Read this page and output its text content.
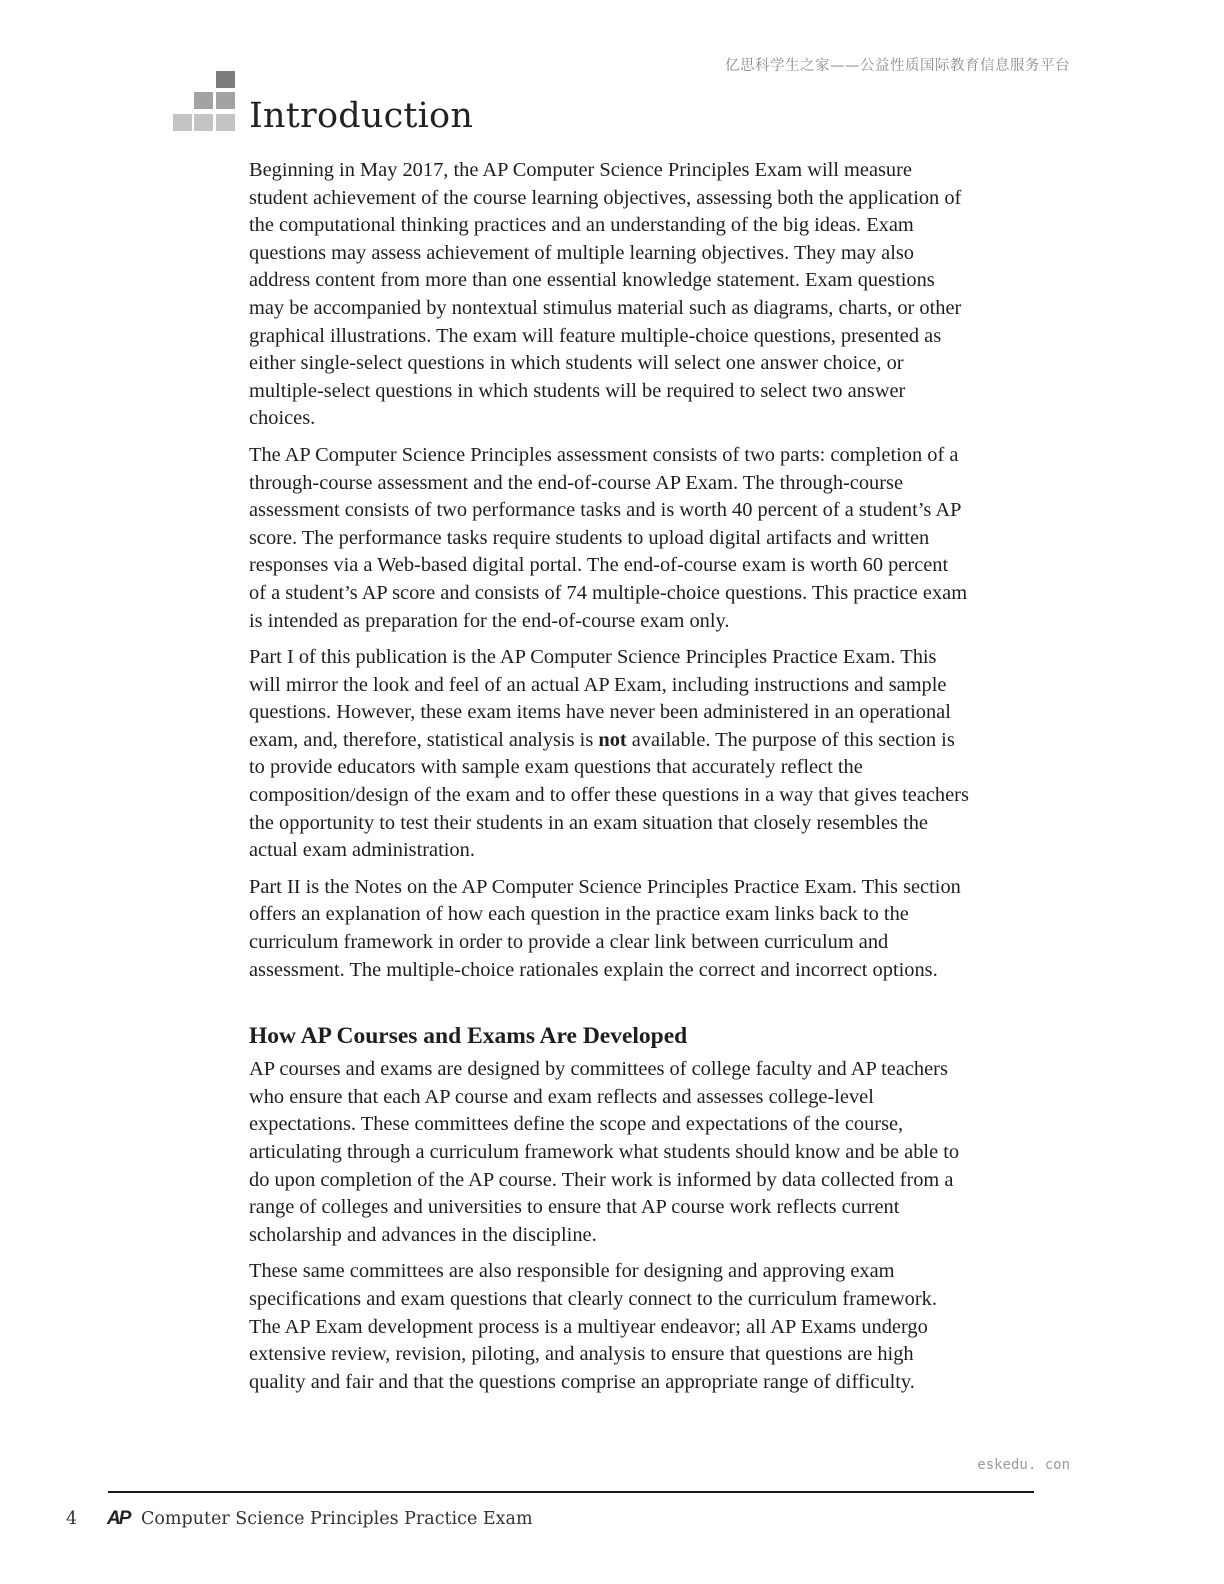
亿思科学生之家——公益性质国际教育信息服务平台
Introduction

Beginning in May 2017, the AP Computer Science Principles Exam will measure student achievement of the course learning objectives, assessing both the application of the computational thinking practices and an understanding of the big ideas. Exam questions may assess achievement of multiple learning objectives. They may also address content from more than one essential knowledge statement. Exam questions may be accompanied by nontextual stimulus material such as diagrams, charts, or other graphical illustrations. The exam will feature multiple-choice questions, presented as either single-select questions in which students will select one answer choice, or multiple-select questions in which students will be required to select two answer choices.

The AP Computer Science Principles assessment consists of two parts: completion of a through-course assessment and the end-of-course AP Exam. The through-course assessment consists of two performance tasks and is worth 40 percent of a student’s AP score. The performance tasks require students to upload digital artifacts and written responses via a Web-based digital portal. The end-of-course exam is worth 60 percent of a student’s AP score and consists of 74 multiple-choice questions. This practice exam is intended as preparation for the end-of-course exam only.

Part I of this publication is the AP Computer Science Principles Practice Exam. This will mirror the look and feel of an actual AP Exam, including instructions and sample questions. However, these exam items have never been administered in an operational exam, and, therefore, statistical analysis is not available. The purpose of this section is to provide educators with sample exam questions that accurately reflect the composition/design of the exam and to offer these questions in a way that gives teachers the opportunity to test their students in an exam situation that closely resembles the actual exam administration.

Part II is the Notes on the AP Computer Science Principles Practice Exam. This section offers an explanation of how each question in the practice exam links back to the curriculum framework in order to provide a clear link between curriculum and assessment. The multiple-choice rationales explain the correct and incorrect options.

How AP Courses and Exams Are Developed

AP courses and exams are designed by committees of college faculty and AP teachers who ensure that each AP course and exam reflects and assesses college-level expectations. These committees define the scope and expectations of the course, articulating through a curriculum framework what students should know and be able to do upon completion of the AP course. Their work is informed by data collected from a range of colleges and universities to ensure that AP course work reflects current scholarship and advances in the discipline.

These same committees are also responsible for designing and approving exam specifications and exam questions that clearly connect to the curriculum framework. The AP Exam development process is a multiyear endeavor; all AP Exams undergo extensive review, revision, piloting, and analysis to ensure that questions are high quality and fair and that the questions comprise an appropriate range of difficulty.

eskedu. con
4 AP Computer Science Principles Practice Exam
